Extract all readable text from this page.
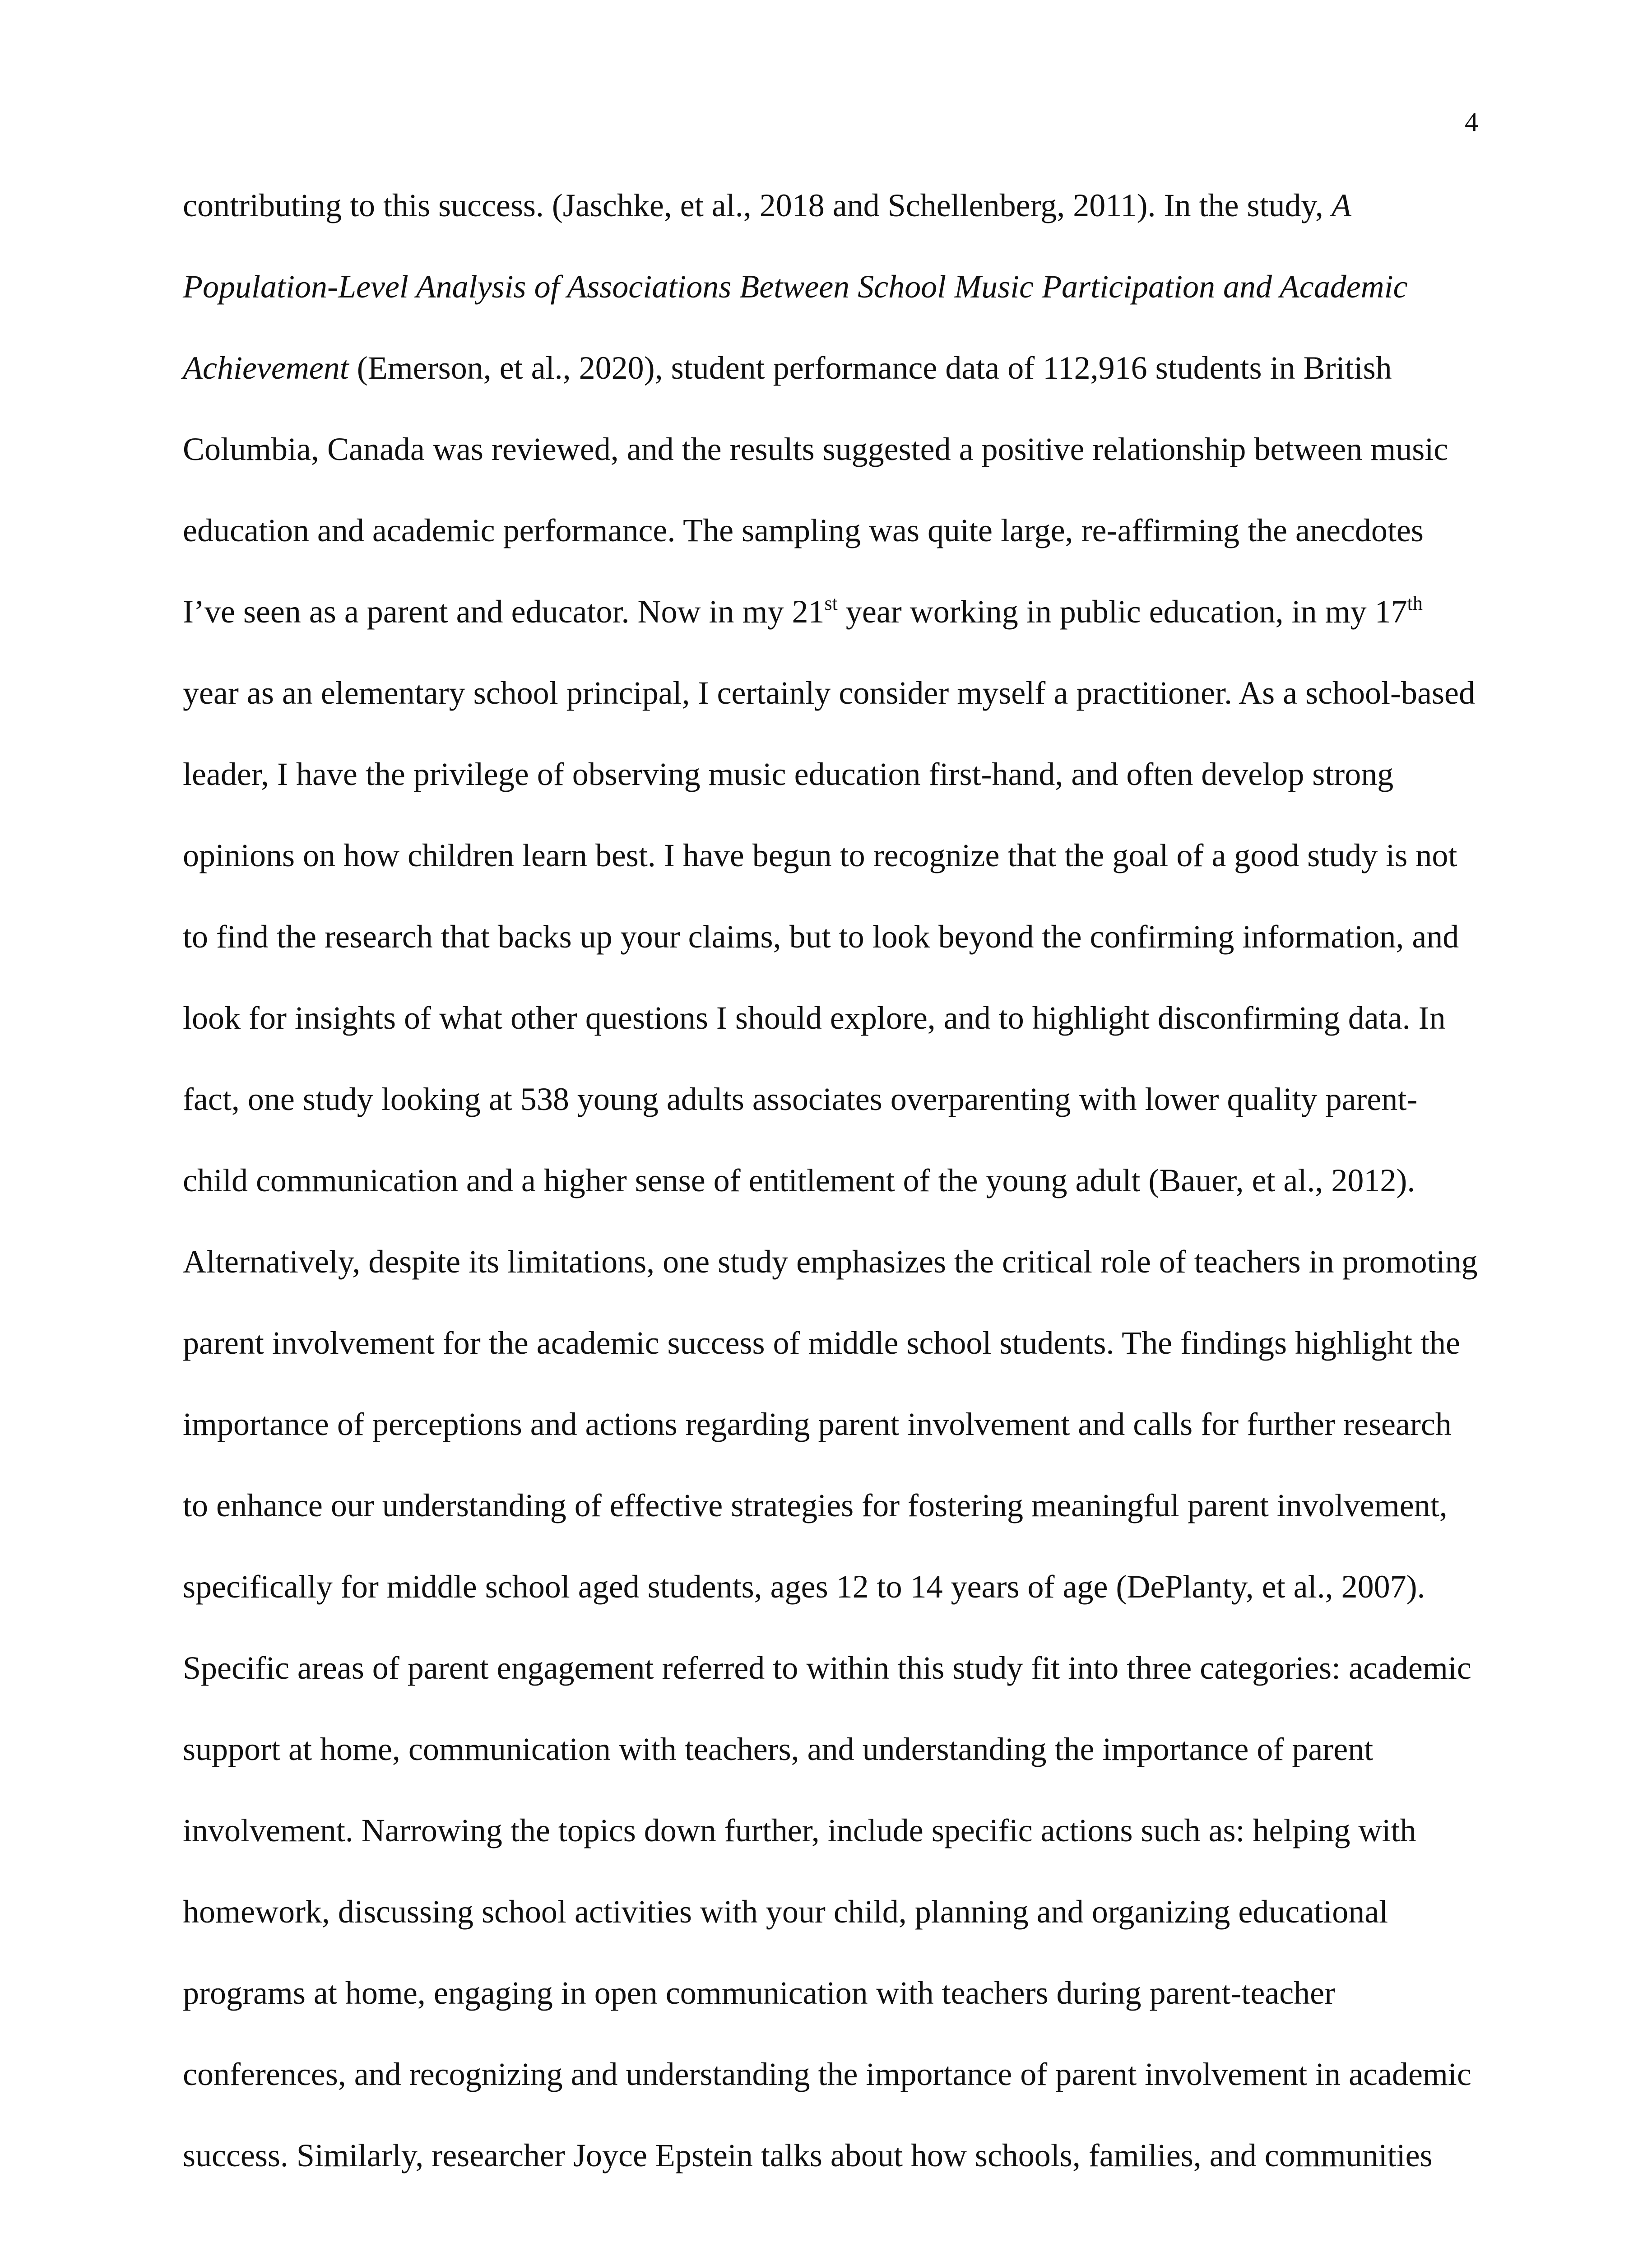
4
contributing to this success. (Jaschke, et al., 2018 and Schellenberg, 2011). In the study, A
Population-Level Analysis of Associations Between School Music Participation and Academic
Achievement (Emerson, et al., 2020), student performance data of 112,916 students in British
Columbia, Canada was reviewed, and the results suggested a positive relationship between music
education and academic performance. The sampling was quite large, re-affirming the anecdotes
I’ve seen as a parent and educator. Now in my 21st year working in public education, in my 17th
year as an elementary school principal, I certainly consider myself a practitioner. As a school-based
leader, I have the privilege of observing music education first-hand, and often develop strong
opinions on how children learn best. I have begun to recognize that the goal of a good study is not
to find the research that backs up your claims, but to look beyond the confirming information, and
look for insights of what other questions I should explore, and to highlight disconfirming data. In
fact, one study looking at 538 young adults associates overparenting with lower quality parent-
child communication and a higher sense of entitlement of the young adult (Bauer, et al., 2012).
Alternatively, despite its limitations, one study emphasizes the critical role of teachers in promoting
parent involvement for the academic success of middle school students. The findings highlight the
importance of perceptions and actions regarding parent involvement and calls for further research
to enhance our understanding of effective strategies for fostering meaningful parent involvement,
specifically for middle school aged students, ages 12 to 14 years of age (DePlanty, et al., 2007).
Specific areas of parent engagement referred to within this study fit into three categories: academic
support at home, communication with teachers, and understanding the importance of parent
involvement. Narrowing the topics down further, include specific actions such as: helping with
homework, discussing school activities with your child, planning and organizing educational
programs at home, engaging in open communication with teachers during parent-teacher
conferences, and recognizing and understanding the importance of parent involvement in academic
success. Similarly, researcher Joyce Epstein talks about how schools, families, and communities
